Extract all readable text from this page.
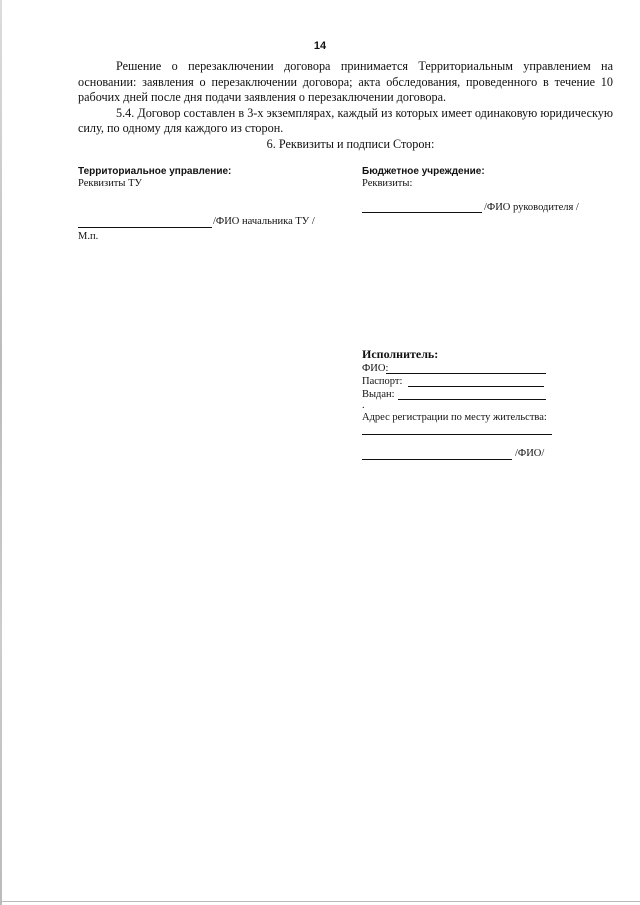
14

Решение о перезаключении договора принимается Территориальным управлением на основании: заявления о перезаключении договора; акта обследования, проведенного в течение 10 рабочих дней после дня подачи заявления о перезаключении договора.

5.4. Договор составлен в 3-х экземплярах, каждый из которых имеет одинаковую юридическую силу, по одному для каждого из сторон.

6. Реквизиты и подписи Сторон:

Территориальное управление:
Реквизиты ТУ
/ФИО начальника ТУ /
М.п.
Бюджетное учреждение:
Реквизиты:
/ФИО руководителя /
Исполнитель:
ФИО:
Паспорт:
Выдан:
.
Адрес регистрации по месту жительства:
/ФИО/
